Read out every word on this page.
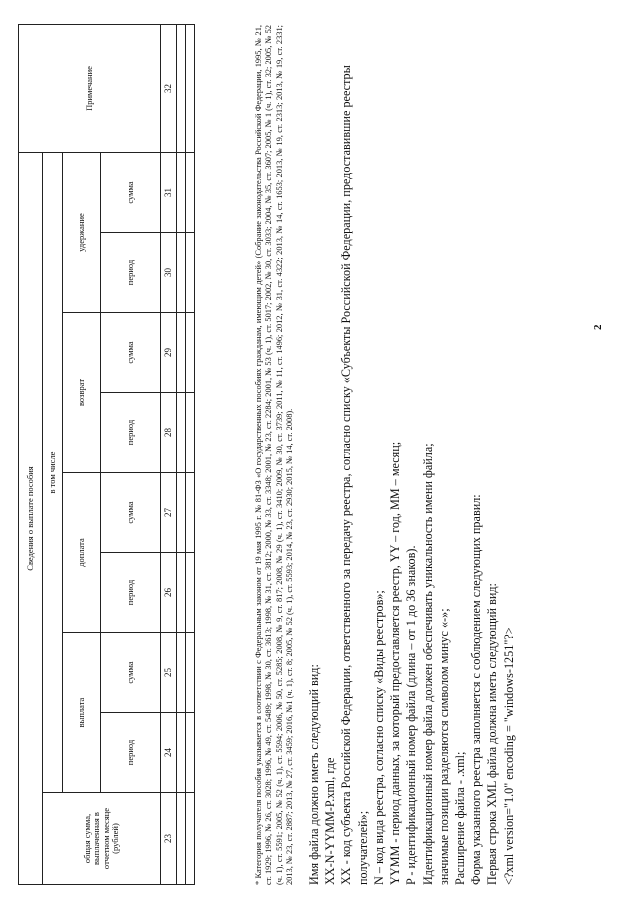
Сведения о выплате пособия									Примечание
общая сумма, выплаченная в отчетном месяце (рублей)	в том числе								
	выплата		доплата		возврат		удержание		
	период	сумма	период	сумма	период	сумма	период	сумма	
23	24	25	26	27	28	29	30	31	32

										* Категория получателя пособия указывается в соответствии с Федеральным законом от 19 мая 1995 г. № 81-ФЗ «О государственных пособиях гражданам, имеющим детей» (Собрание законодательства Российской Федерации, 1995, № 21, ст. 1929; 1996, № 26, ст. 3028; 1996, № 49, ст. 5489; 1998, № 30, ст. 3613; 1998, № 31, ст. 3812; 2000, № 33, ст. 3348; 2001, № 23, ст. 2284; 2001, № 53 (ч. 1), ст. 5017; 2002, № 30, ст. 3033; 2004, № 35, ст. 3607; 2005, № 1 (ч. 1), ст. 32; 2005, № 52 (ч. 1), ст. 5591; 2005, № 52 (ч. 1), ст. 5594; 2006, № 50, ст. 5285; 2008, № 9, ст. 817; 2008, № 29 (ч. 1), ст. 3410; 2009, № 30, ст. 3739; 2011, № 11, ст. 1496; 2012, № 31, ст. 4322; 2013, № 14, ст. 1653; 2013, № 19, ст. 2313; 2013, № 19, ст. 2331; 2013, № 23, ст. 2887; 2013, № 27, ст. 3459; 2016, №1 (ч. 1), ст. 8; 2005, № 52 (ч. 1), ст. 5593; 2014, № 23, ст. 2930; 2015, № 14, ст. 2008). Имя файла должно иметь следующий вид: XX-N-YYMM-P.xml, где XX - код субъекта Российской Федерации, ответственного за передачу реестра, согласно списку «Субъекты Российской Федерации, предоставившие реестры получателей»; N – код вида реестра, согласно списку «Виды реестров»; YYMM - период данных, за который предоставляется реестр, YY – год, MM – месяц; P - идентификационный номер файла (длина – от 1 до 36 знаков). Идентификационный номер файла должен обеспечивать уникальность имени файла; значимые позиции разделяются символом минус «-»; Расширение файла - .xml; Форма указанного реестра заполняется с соблюдением следующих правил: Первая строка XML файла должна иметь следующий вид: <?xml version="1.0" encoding = "windows-1251"?>

2
